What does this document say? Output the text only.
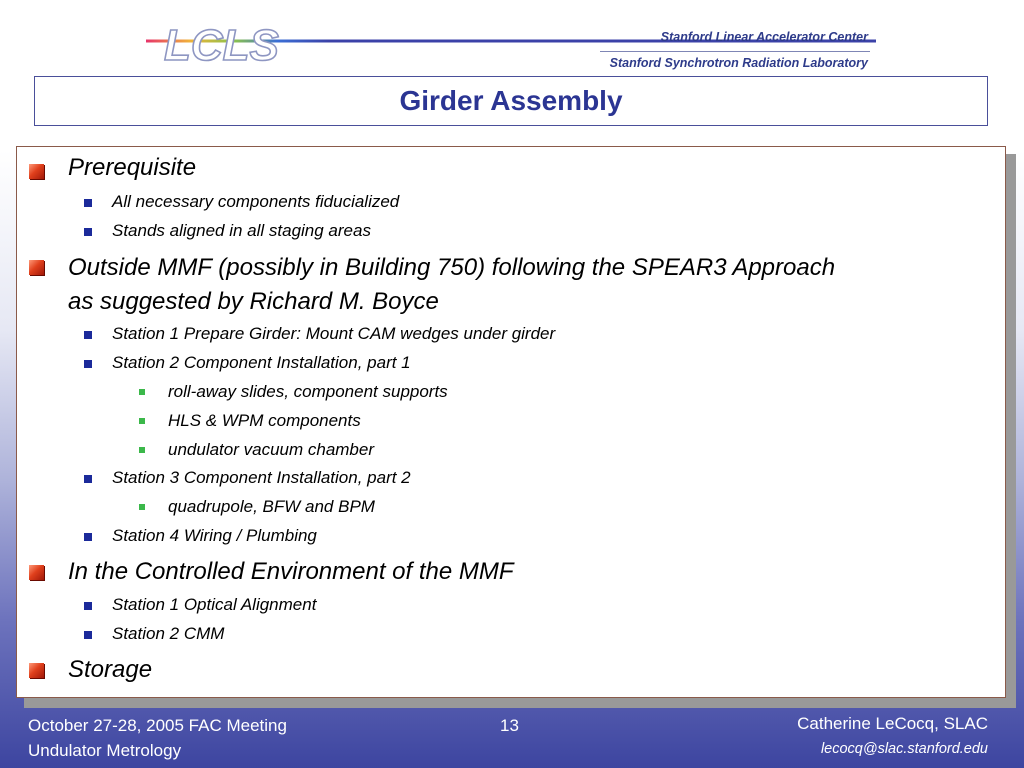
LCLS	Stanford Linear Accelerator Center
Stanford Synchrotron Radiation Laboratory
Girder Assembly
Prerequisite
All necessary components fiducialized
Stands aligned in all staging areas
Outside MMF (possibly in Building 750) following the SPEAR3 Approach
as suggested by Richard M. Boyce
Station 1 Prepare Girder: Mount CAM wedges under girder
Station 2 Component Installation, part 1
roll-away slides, component supports
HLS & WPM components
undulator vacuum chamber
Station 3 Component Installation, part 2
quadrupole, BFW and BPM
Station 4 Wiring / Plumbing
In the Controlled Environment of the MMF
Station 1 Optical Alignment
Station 2 CMM
Storage
October 27-28, 2005 FAC Meeting
Undulator Metrology
13	Catherine LeCocq, SLAC
lecocq@slac.stanford.edu
